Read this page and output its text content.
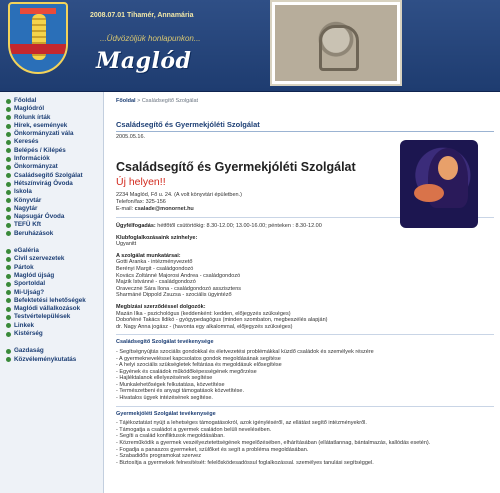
2008.07.01 Tihamér, Annamária
...Üdvözöljük honlapunkon...
Maglód
Főoldal
Maglódról
Rólunk írták
Hírek, események
Önkormányzati vála
Keresés
Belépés / Kilépés
Információk
Önkormányzat
Családsegítő Szolgálat
Hétszínvirág Óvoda
Iskola
Könyvtár
Nagytár
Napsugár Óvoda
TEFÜ Kft
Beruházások
eGaléria
Civil szervezetek
Pártok
Maglód újság
Sportoldal
Mi-Ujság?
Befektetési lehetőségek
Maglódi vállalkozások
Testvértelepülések
Linkek
Kistérség
Gazdaság
Közvéleménykutatás
Főoldal > Családsegítő Szolgálat
Családsegítő és Gyermekjóléti Szolgálat
2005.05.16.
Családsegítő és Gyermekjóléti Szolgálat
Új helyen!!
2234 Maglód, Fő u. 24. (A volt könyvtári épületben.)
Telefon/fax: 325-156
E-mail: csalade@monornet.hu
Ügyfélfogadás: hétfőtől csütörtökig: 8.30-12.00; 13.00-16.00; pénteken : 8.30-12.00

Klubfoglalkozásaink színhelye:

Ugyanitt

A szolgálat munkatársai:

Gotti Aranka - intézményvezető

Berényi Margit - családgondozó

Kovács Zoltánné Majorosi Andrea - családgondozó

Majzik Istvánné - családgondozó

Oravecznė Sára Ilona - családgondozó asszisztens

Sharmáné Dippold Zsuzsa - szociális ügyintéző

Megbízási szerződéssel dolgozók:

Mazán Ilka - pszichológus (keddenként: kedden, előjegyzés szükséges)

Doboňéné Takács Ildikó - gyógypedagógus (minden szombaton, megbeszélés alapján)

dr. Nagy Anna jogász - (havonta egy alkalommal, előjegyzés szükséges)

Családsegítő Szolgálat tevékenysége

- Segítségnyújtás szociális gondokkal és életvezetési problémákkal küzdő családok és személyek részére

- A gyermekneveléssel kapcsolatos gondok megoldásának segítése

- A helyi szociális szükségletek feltárása és megoldásuk elősegítése

- Egyének és családok működőképességének megőrzése

- Hajléktalanok ellelyezésének segítése

- Munkalehetőségek felkutatása, közvetítése

- Természetbeni és anyagi támogatások közvetítése.

- Hivatalos ügyek intézésének segítése.

Gyermekjóléti Szolgálat tevékenysége

- Tájékoztatást nyújt a lehetséges támogatásokról, azok igényléséről, az ellátást segítő intézményekről.

- Támogatja a családot a gyermek családon belüli nevelésében.

- Segíti a család konfliktusok megoldásában.

- Közreműködik a gyermek veszélyeztetettségének megelőzésében, elhárításában (ellátatlannag, bántalmazás, kallódás esetén).

- Fogadja a panaszos gyermeket, szülőket és segít a probléma megoldásában.

- Szabadidős programokat szervez

- Biztosítja a gyermekek felnesítését: felelősködesadóssul foglalkozással. személyes tanulási segítséggel.
